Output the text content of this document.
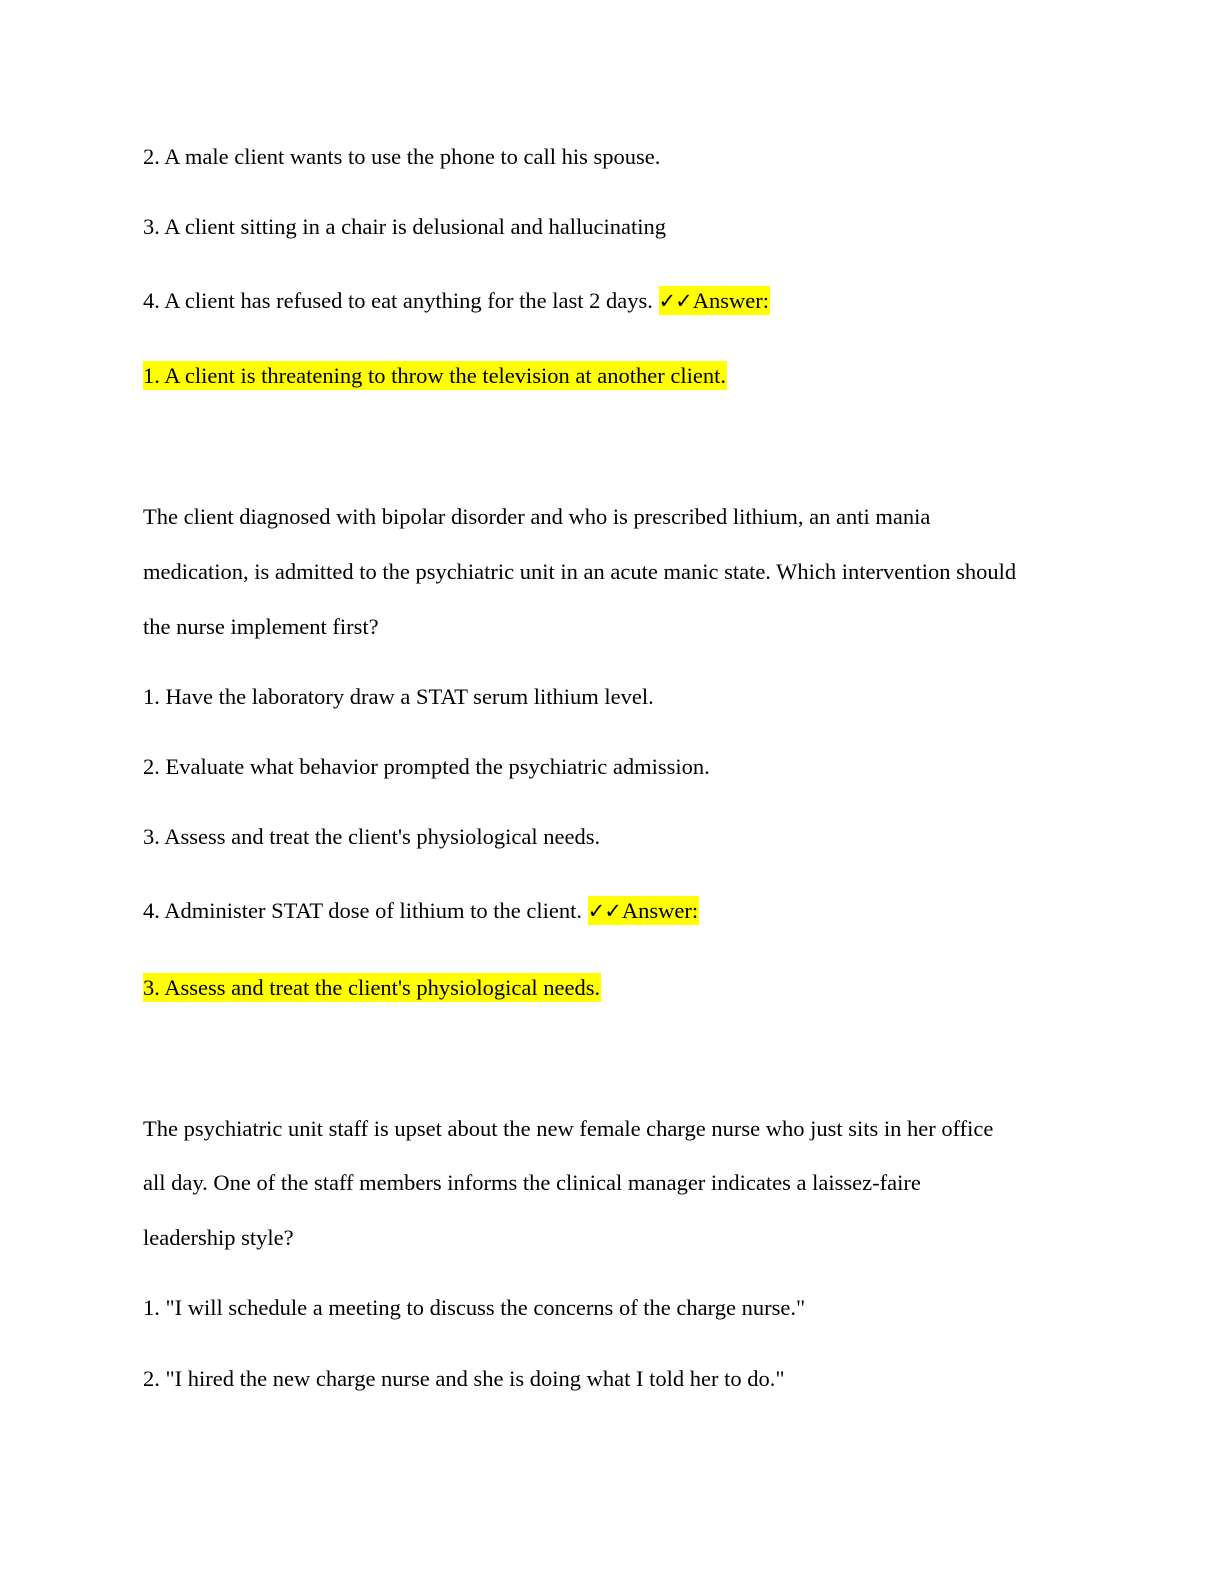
2. A male client wants to use the phone to call his spouse.
3. A client sitting in a chair is delusional and hallucinating
4. A client has refused to eat anything for the last 2 days. ✓✓Answer:
1. A client is threatening to throw the television at another client.
The client diagnosed with bipolar disorder and who is prescribed lithium, an anti mania
medication, is admitted to the psychiatric unit in an acute manic state. Which intervention should
the nurse implement first?
1. Have the laboratory draw a STAT serum lithium level.
2. Evaluate what behavior prompted the psychiatric admission.
3. Assess and treat the client's physiological needs.
4. Administer STAT dose of lithium to the client. ✓✓Answer:
3. Assess and treat the client's physiological needs.
The psychiatric unit staff is upset about the new female charge nurse who just sits in her office
all day. One of the staff members informs the clinical manager indicates a laissez-faire
leadership style?
1. "I will schedule a meeting to discuss the concerns of the charge nurse."
2. "I hired the new charge nurse and she is doing what I told her to do."
